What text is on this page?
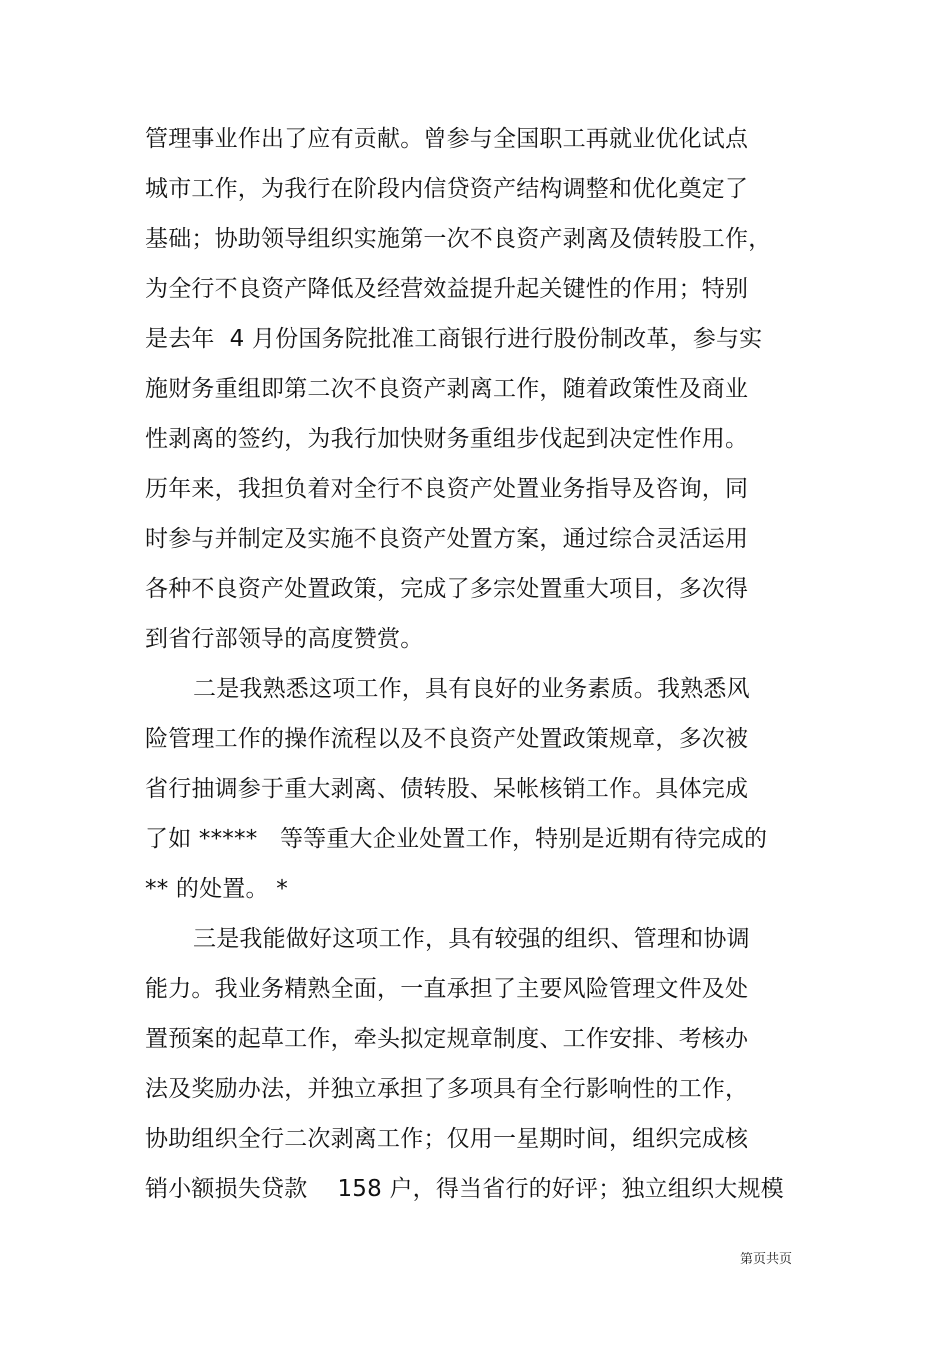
管理事业作出了应有贡献。曾参与全国职工再就业优化试点
城市工作，为我行在阶段内信贷资产结构调整和优化奠定了
基础；协助领导组织实施第一次不良资产剥离及债转股工作，
为全行不良资产降低及经营效益提升起关键性的作用；特别
是去年  4 月份国务院批准工商银行进行股份制改革，参与实
施财务重组即第二次不良资产剥离工作，随着政策性及商业
性剥离的签约，为我行加快财务重组步伐起到决定性作用。
历年来，我担负着对全行不良资产处置业务指导及咨询，同
时参与并制定及实施不良资产处置方案，通过综合灵活运用
各种不良资产处置政策，完成了多宗处置重大项目，多次得
到省行部领导的高度赞赏。
二是我熟悉这项工作，具有良好的业务素质。我熟悉风
险管理工作的操作流程以及不良资产处置政策规章，多次被
省行抽调参于重大剥离、债转股、呆帐核销工作。具体完成
了如 *****   等等重大企业处置工作，特别是近期有待完成的
** 的处置。 *
三是我能做好这项工作，具有较强的组织、管理和协调
能力。我业务精熟全面，一直承担了主要风险管理文件及处
置预案的起草工作，牵头拟定规章制度、工作安排、考核办
法及奖励办法，并独立承担了多项具有全行影响性的工作，
协助组织全行二次剥离工作；仅用一星期时间，组织完成核
销小额损失贷款    158 户，得当省行的好评；独立组织大规模
第页共页
